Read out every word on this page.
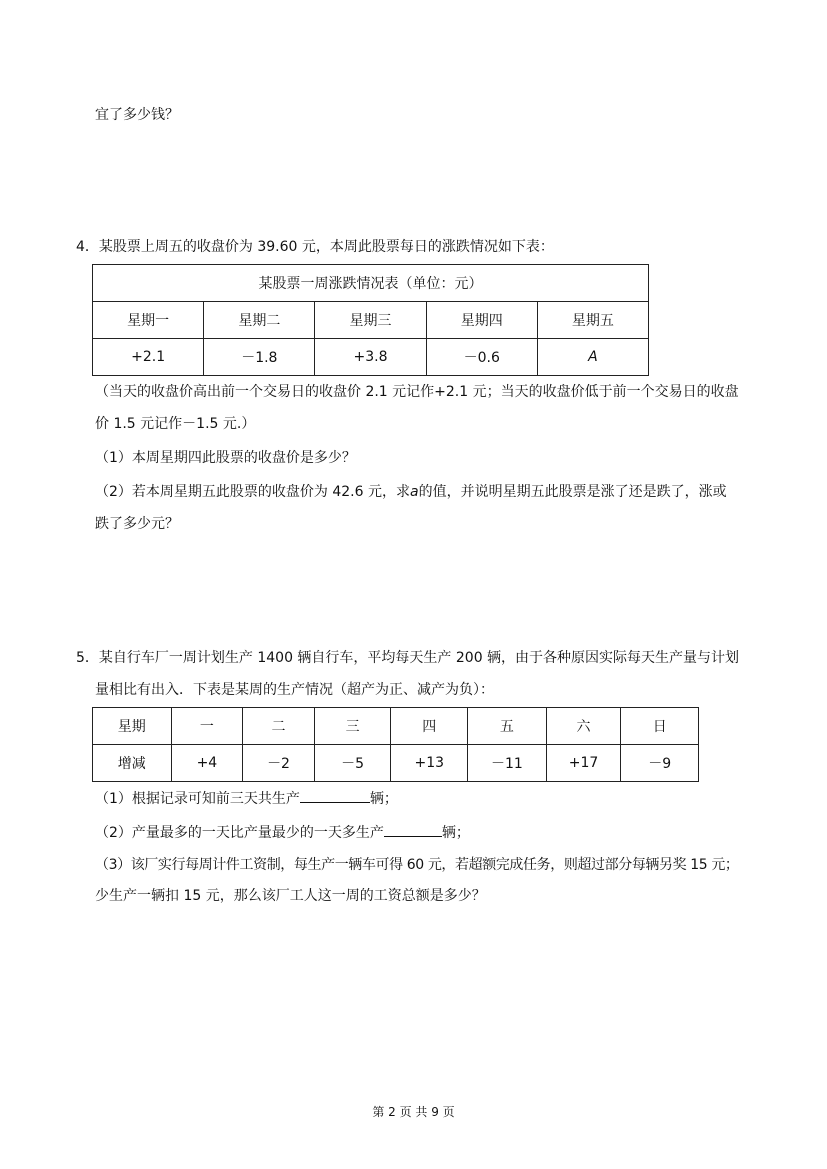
宜了多少钱？
4．某股票上周五的收盘价为 39.60 元，本周此股票每日的涨跌情况如下表：
某股票一周涨跌情况表（单位：元）				
星期一	星期二	星期三	星期四	星期五
+2.1	－1.8	+3.8	－0.6	A
（当天的收盘价高出前一个交易日的收盘价 2.1 元记作+2.1 元；当天的收盘价低于前一个交易日的收盘
价 1.5 元记作－1.5 元.）
（1）本周星期四此股票的收盘价是多少？
（2）若本周星期五此股票的收盘价为 42.6 元，求a的值，并说明星期五此股票是涨了还是跌了，涨或
跌了多少元？
5．某自行车厂一周计划生产 1400 辆自行车，平均每天生产 200 辆，由于各种原因实际每天生产量与计划
量相比有出入．下表是某周的生产情况（超产为正、减产为负）：
星期	一	二	三	四	五	六	日
增减	+4	－2	－5	+13	－11	+17	－9
（1）根据记录可知前三天共生产	辆；
（2）产量最多的一天比产量最少的一天多生产	辆；
（3）该厂实行每周计件工资制，每生产一辆车可得 60 元，若超额完成任务，则超过部分每辆另奖 15 元；
少生产一辆扣 15 元，那么该厂工人这一周的工资总额是多少？
第 2 页 共 9 页
